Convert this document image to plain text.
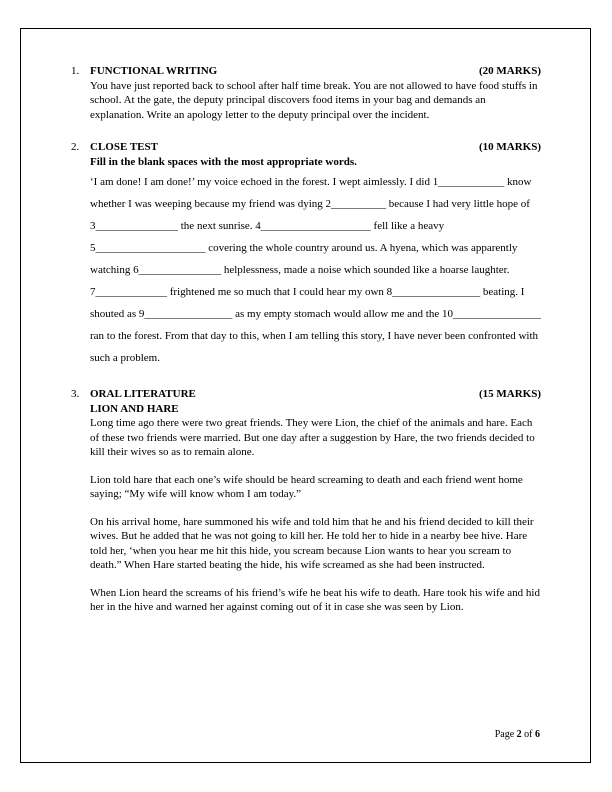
1. FUNCTIONAL WRITING	(20 MARKS)

You have just reported back to school after half time break. You are not allowed to have food stuffs in school. At the gate, the deputy principal discovers food items in your bag and demands an explanation. Write an apology letter to the deputy principal over the incident.

2. CLOSE TEST	(10 MARKS)

Fill in the blank spaces with the most appropriate words.

‘I am done! I am done!’ my voice echoed in the forest. I wept aimlessly. I did 1____________ know whether I was weeping because my friend was dying 2__________ because I had very little hope of 3_______________ the next sunrise. 4____________________ fell like a heavy 5____________________ covering the whole country around us. A hyena, which was apparently watching 6_______________ helplessness, made a noise which sounded like a hoarse laughter. 7_____________ frightened me so much that I could hear my own 8________________ beating. I shouted as 9________________ as my empty stomach would allow me and the 10________________ ran to the forest. From that day to this, when I am telling this story, I have never been confronted with such a problem.

3. ORAL LITERATURE	(15 MARKS)
LION AND HARE

Long time ago there were two great friends. They were Lion, the chief of the animals and hare. Each of these two friends were married. But one day after a suggestion by Hare, the two friends decided to kill their wives so as to remain alone.

Lion told hare that each one’s wife should be heard screaming to death and each friend went home saying; “My wife will know whom I am today.”

On his arrival home, hare summoned his wife and told him that he and his friend decided to kill their wives. But he added that he was not going to kill her. He told her to hide in a nearby bee hive. Hare told her, ‘when you hear me hit this hide, you scream because Lion wants to hear you scream to death.” When Hare started beating the hide, his wife screamed as she had been instructed.

When Lion heard the screams of his friend’s wife he beat his wife to death. Hare took his wife and hid her in the hive and warned her against coming out of it in case she was seen by Lion.

Page 2 of 6
